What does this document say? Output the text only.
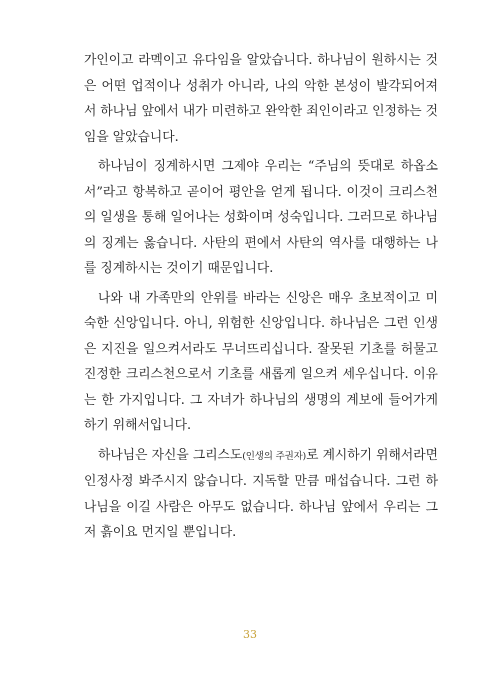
가인이고 라멕이고 유다임을 알았습니다. 하나님이 원하시는 것은 어떤 업적이나 성취가 아니라, 나의 악한 본성이 발각되어져서 하나님 앞에서 내가 미련하고 완악한 죄인이라고 인정하는 것임을 알았습니다.

하나님이 징계하시면 그제야 우리는 “주님의 뜻대로 하옵소서”라고 항복하고 곧이어 평안을 얻게 됩니다. 이것이 크리스천의 일생을 통해 일어나는 성화이며 성숙입니다. 그러므로 하나님의 징계는 옳습니다. 사탄의 편에서 사탄의 역사를 대행하는 나를 징계하시는 것이기 때문입니다.

나와 내 가족만의 안위를 바라는 신앙은 매우 초보적이고 미숙한 신앙입니다. 아니, 위험한 신앙입니다. 하나님은 그런 인생은 지진을 일으켜서라도 무너뜨리십니다. 잘못된 기초를 허물고 진정한 크리스천으로서 기초를 새롭게 일으켜 세우십니다. 이유는 한 가지입니다. 그 자녀가 하나님의 생명의 계보에 들어가게 하기 위해서입니다.

하나님은 자신을 그리스도(인생의 주권자)로 계시하기 위해서라면 인정사정 봐주시지 않습니다. 지독할 만큼 매섭습니다. 그런 하나님을 이길 사람은 아무도 없습니다. 하나님 앞에서 우리는 그저 흙이요 먼지일 뿐입니다.

33
